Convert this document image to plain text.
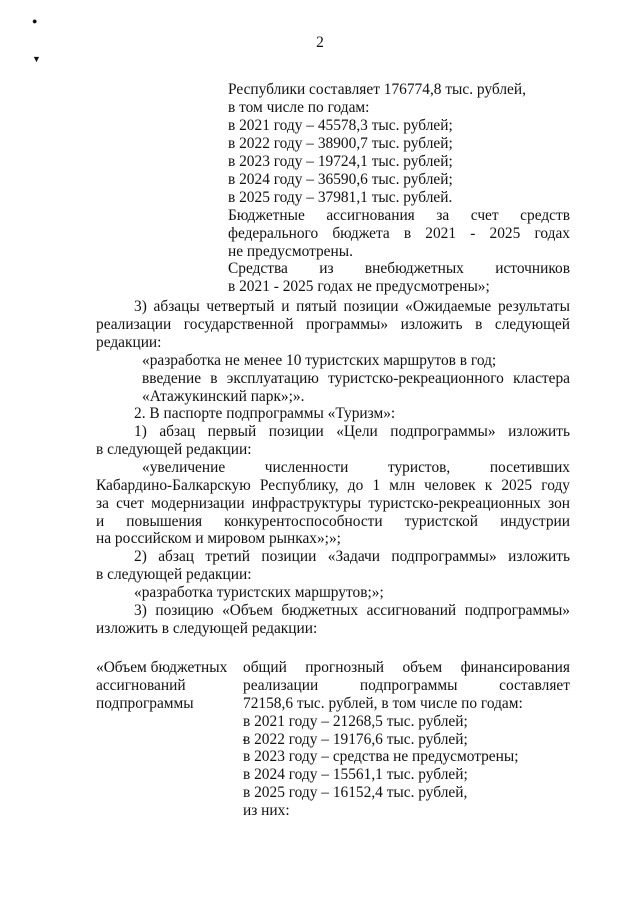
●
▼
2
Республики составляет 176774,8 тыс. рублей,
в том числе по годам:
в 2021 году – 45578,3 тыс. рублей;
в 2022 году – 38900,7 тыс. рублей;
в 2023 году – 19724,1 тыс. рублей;
в 2024 году – 36590,6 тыс. рублей;
в 2025 году – 37981,1 тыс. рублей.
Бюджетные ассигнования за счет средств
федерального бюджета в 2021 - 2025 годах
не предусмотрены.
Средства из внебюджетных источников
в 2021 - 2025 годах не предусмотрены»;
3) абзацы четвертый и пятый позиции «Ожидаемые результаты
реализации государственной программы» изложить в следующей
редакции:
«разработка не менее 10 туристских маршрутов в год;
введение в эксплуатацию туристско-рекреационного кластера
«Атажукинский парк»;».
2. В паспорте подпрограммы «Туризм»:
1) абзац первый позиции «Цели подпрограммы» изложить
в следующей редакции:
«увеличение численности туристов, посетивших
Кабардино-Балкарскую Республику, до 1 млн человек к 2025 году
за счет модернизации инфраструктуры туристско-рекреационных зон
и повышения конкурентоспособности туристской индустрии
на российском и мировом рынках»;»;
2) абзац третий позиции «Задачи подпрограммы» изложить
в следующей редакции:
«разработка туристских маршрутов;»;
3) позицию «Объем бюджетных ассигнований подпрограммы»
изложить в следующей редакции:
«Объем бюджетных
ассигнований
подпрограммы
общий прогнозный объем финансирования
реализации подпрограммы составляет
72158,6 тыс. рублей, в том числе по годам:
в 2021 году – 21268,5 тыс. рублей;
в 2022 году – 19176,6 тыс. рублей;
в 2023 году – средства не предусмотрены;
в 2024 году – 15561,1 тыс. рублей;
в 2025 году – 16152,4 тыс. рублей,
из них:
